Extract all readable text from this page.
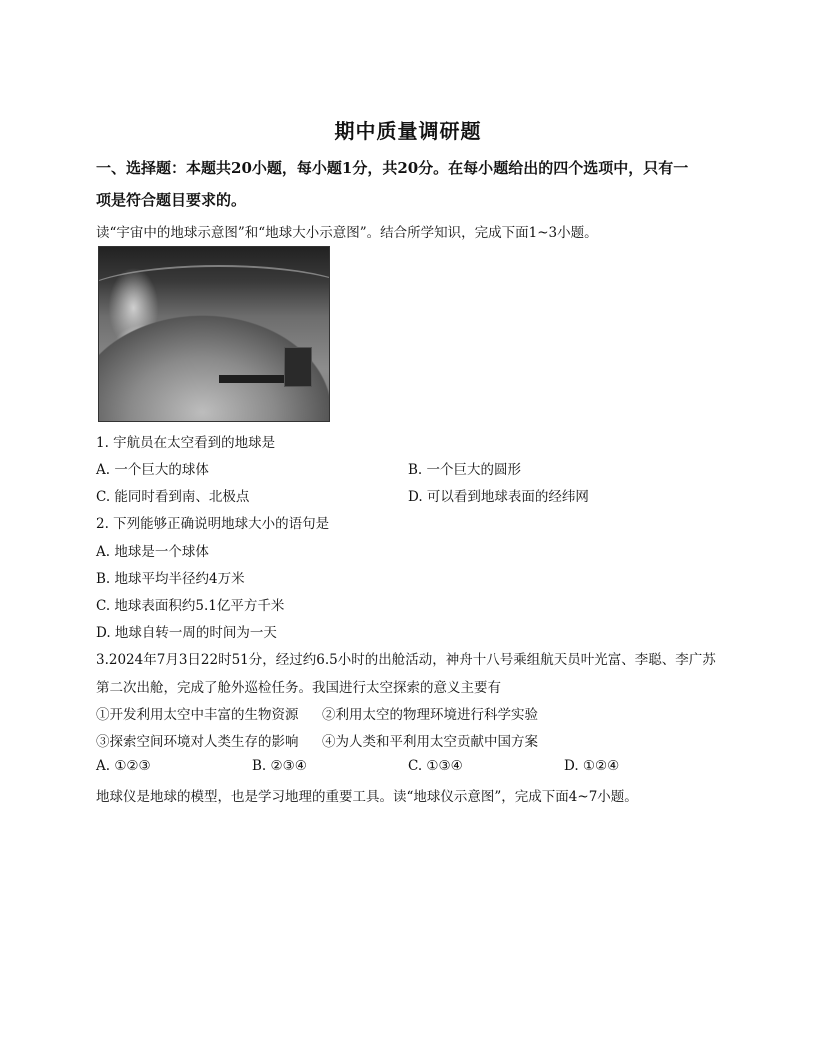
期中质量调研题
一、选择题：本题共20小题，每小题1分，共20分。在每小题给出的四个选项中，只有一
项是符合题目要求的。
读“宇宙中的地球示意图”和“地球大小示意图”。结合所学知识，完成下面1~3小题。
1. 宇航员在太空看到的地球是
A. 一个巨大的球体	B. 一个巨大的圆形
C. 能同时看到南、北极点	D. 可以看到地球表面的经纬网
2. 下列能够正确说明地球大小的语句是
A. 地球是一个球体
B. 地球平均半径约4万米
C. 地球表面积约5.1亿平方千米
D. 地球自转一周的时间为一天
3.2024年7月3日22时51分，经过约6.5小时的出舱活动，神舟十八号乘组航天员叶光富、李聪、李广苏
第二次出舱，完成了舱外巡检任务。我国进行太空探索的意义主要有
①开发利用太空中丰富的生物资源 ②利用太空的物理环境进行科学实验
③探索空间环境对人类生存的影响 ④为人类和平利用太空贡献中国方案
A. ①②③	B. ②③④	C. ①③④	D. ①②④
地球仪是地球的模型，也是学习地理的重要工具。读“地球仪示意图”，完成下面4~7小题。
